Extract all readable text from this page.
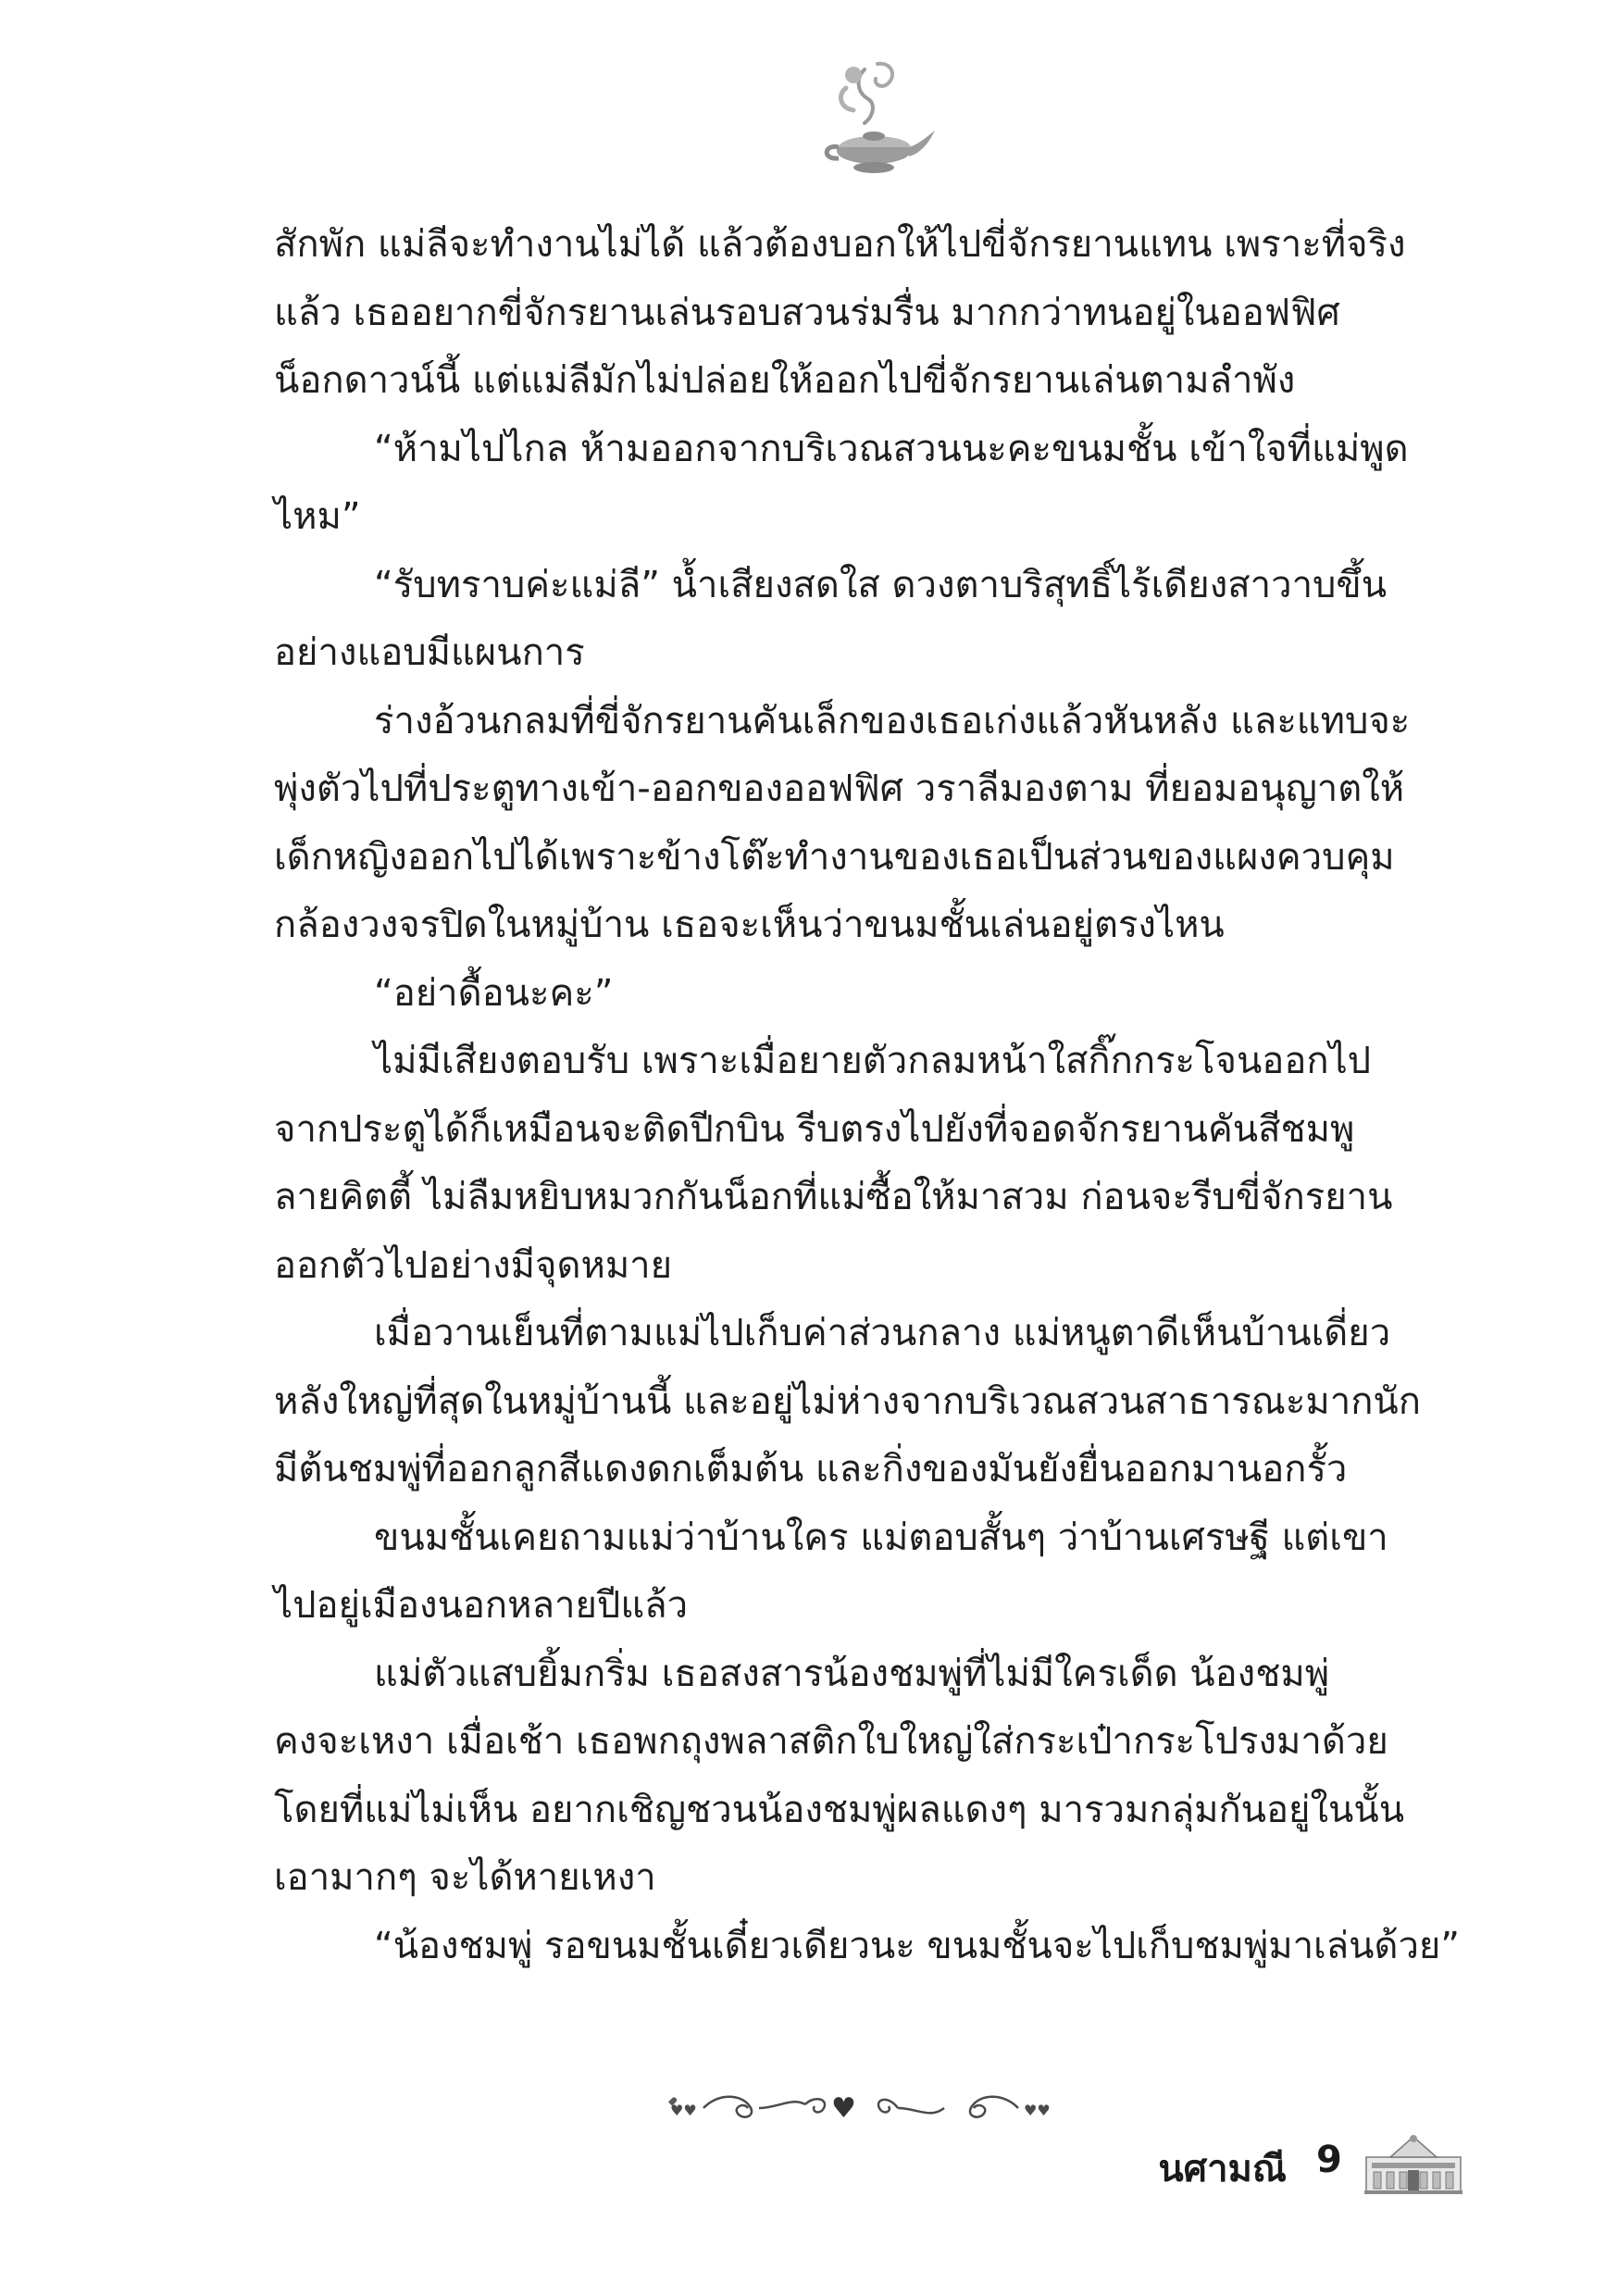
สักพัก แม่ลีจะทำงานไม่ได้ แล้วต้องบอกให้ไปขี่จักรยานแทน เพราะที่จริง
แล้ว เธออยากขี่จักรยานเล่นรอบสวนร่มรื่น มากกว่าทนอยู่ในออฟฟิศ
น็อกดาวน์นี้ แต่แม่ลีมักไม่ปล่อยให้ออกไปขี่จักรยานเล่นตามลำพัง
“ห้ามไปไกล ห้ามออกจากบริเวณสวนนะคะขนมชั้น เข้าใจที่แม่พูด
ไหม”
“รับทราบค่ะแม่ลี” น้ำเสียงสดใส ดวงตาบริสุทธิ์ไร้เดียงสาวาบขึ้น
อย่างแอบมีแผนการ
ร่างอ้วนกลมที่ขี่จักรยานคันเล็กของเธอเก่งแล้วหันหลัง และแทบจะ
พุ่งตัวไปที่ประตูทางเข้า-ออกของออฟฟิศ วราลีมองตาม ที่ยอมอนุญาตให้
เด็กหญิงออกไปได้เพราะข้างโต๊ะทำงานของเธอเป็นส่วนของแผงควบคุม
กล้องวงจรปิดในหมู่บ้าน เธอจะเห็นว่าขนมชั้นเล่นอยู่ตรงไหน
“อย่าดื้อนะคะ”
ไม่มีเสียงตอบรับ เพราะเมื่อยายตัวกลมหน้าใสกิ๊กกระโจนออกไป
จากประตูได้ก็เหมือนจะติดปีกบิน รีบตรงไปยังที่จอดจักรยานคันสีชมพู
ลายคิตตี้ ไม่ลืมหยิบหมวกกันน็อกที่แม่ซื้อให้มาสวม ก่อนจะรีบขี่จักรยาน
ออกตัวไปอย่างมีจุดหมาย
เมื่อวานเย็นที่ตามแม่ไปเก็บค่าส่วนกลาง แม่หนูตาดีเห็นบ้านเดี่ยว
หลังใหญ่ที่สุดในหมู่บ้านนี้ และอยู่ไม่ห่างจากบริเวณสวนสาธารณะมากนัก
มีต้นชมพู่ที่ออกลูกสีแดงดกเต็มต้น และกิ่งของมันยังยื่นออกมานอกรั้ว
ขนมชั้นเคยถามแม่ว่าบ้านใคร แม่ตอบสั้นๆ ว่าบ้านเศรษฐี แต่เขา
ไปอยู่เมืองนอกหลายปีแล้ว
แม่ตัวแสบยิ้มกริ่ม เธอสงสารน้องชมพู่ที่ไม่มีใครเด็ด น้องชมพู่
คงจะเหงา เมื่อเช้า เธอพกถุงพลาสติกใบใหญ่ใส่กระเป๋ากระโปรงมาด้วย
โดยที่แม่ไม่เห็น อยากเชิญชวนน้องชมพู่ผลแดงๆ มารวมกลุ่มกันอยู่ในนั้น
เอามากๆ จะได้หายเหงา
“น้องชมพู่ รอขนมชั้นเดี๋ยวเดียวนะ ขนมชั้นจะไปเก็บชมพู่มาเล่นด้วย”
♥♥	♥	♥♥
นศามณี 9
